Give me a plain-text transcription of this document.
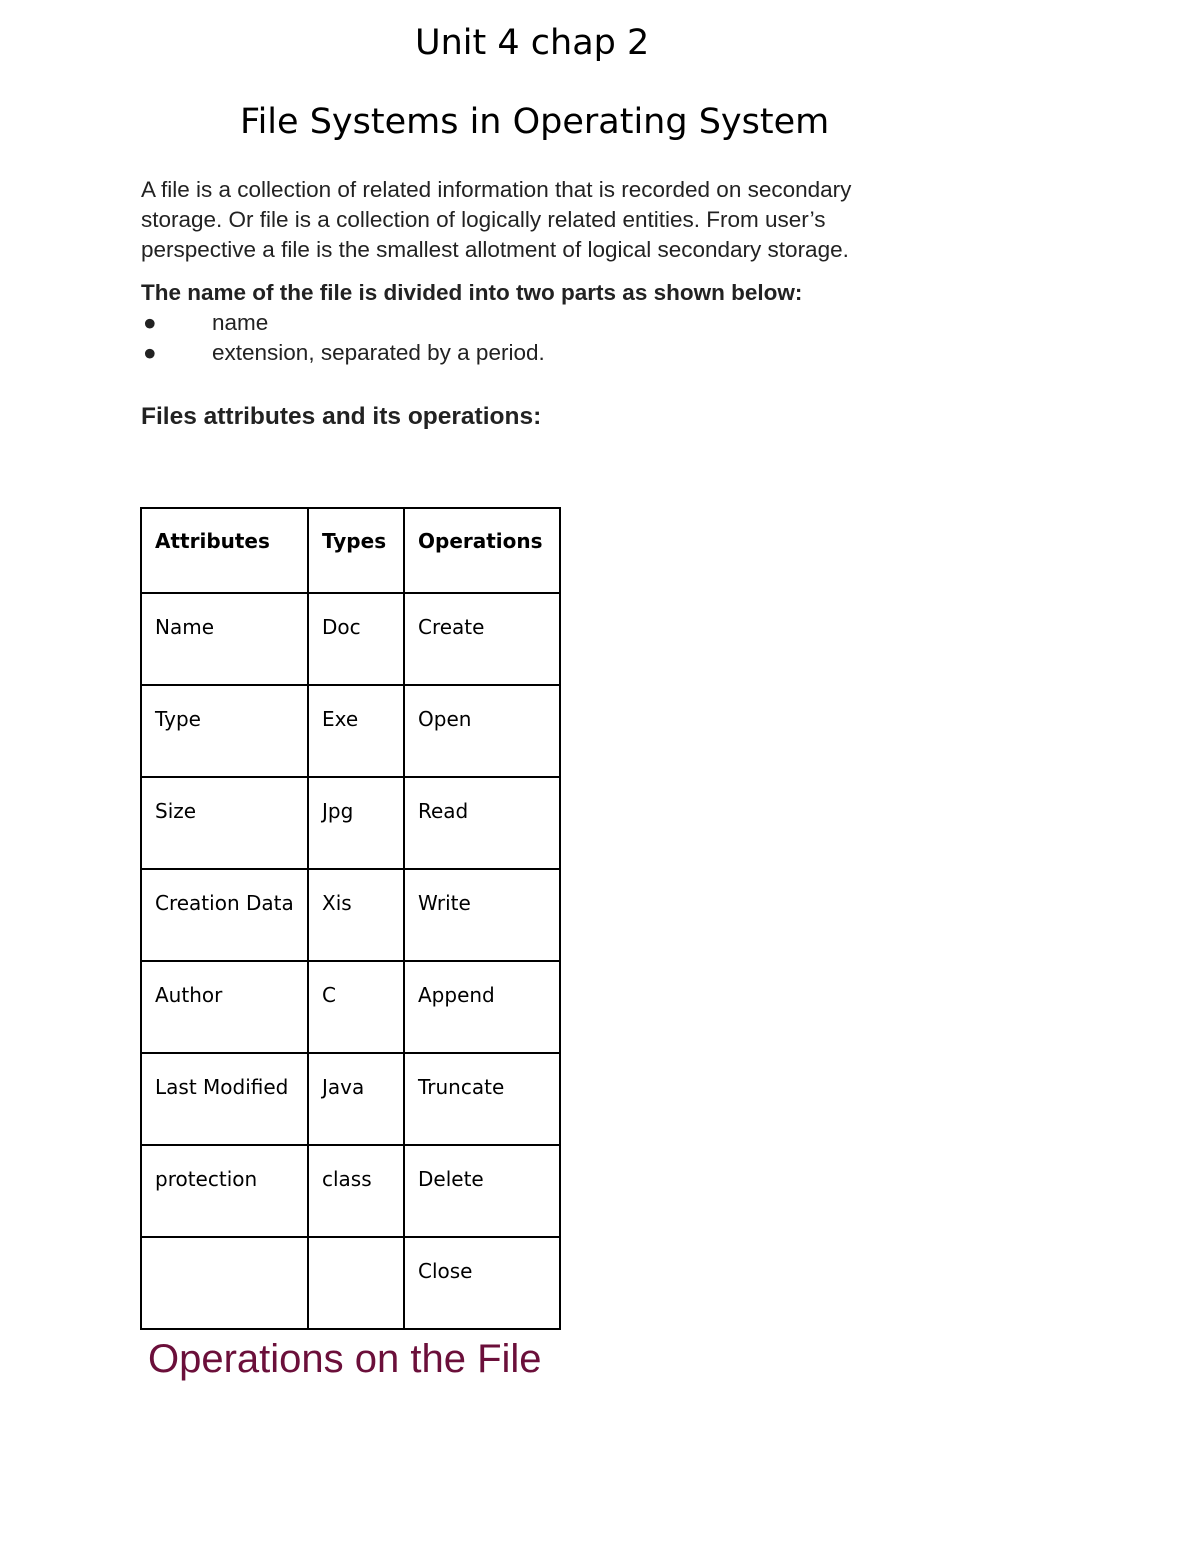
Unit 4 chap 2
File Systems in Operating System
A file is a collection of related information that is recorded on secondary
storage. Or file is a collection of logically related entities. From user’s
perspective a file is the smallest allotment of logical secondary storage.
The name of the file is divided into two parts as shown below:
● name
● extension, separated by a period.
Files attributes and its operations:
Attributes	Types	Operations
Name	Doc	Create
Type	Exe	Open
Size	Jpg	Read
Creation Data	Xis	Write
Author	C	Append
Last Modified	Java	Truncate
protection	class	Delete
		Close
Operations on the File
